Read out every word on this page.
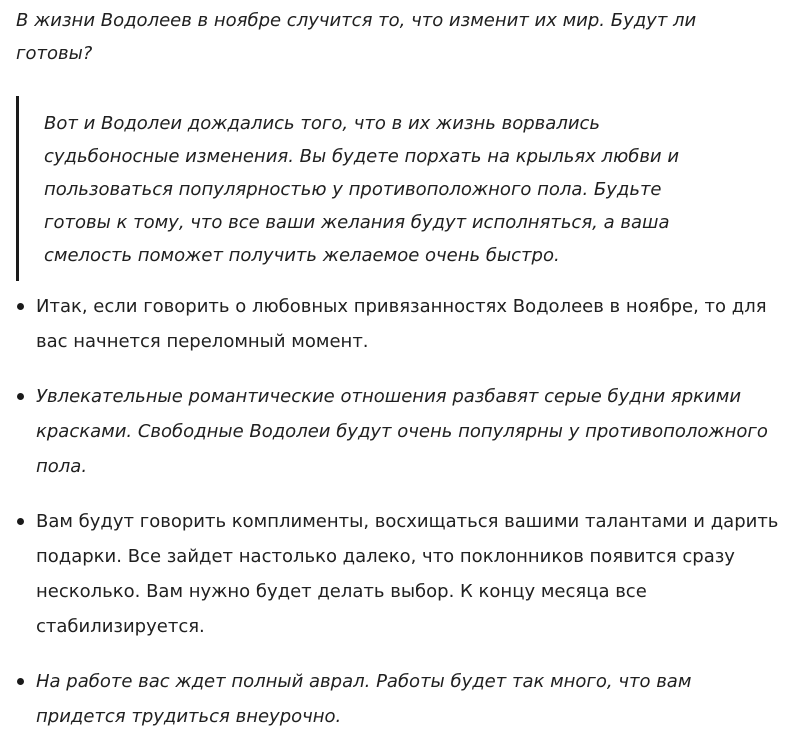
В жизни Водолеев в ноябре случится то, что изменит их мир. Будут ли готовы?

Вот и Водолеи дождались того, что в их жизнь ворвались судьбоносные изменения. Вы будете порхать на крыльях любви и пользоваться популярностью у противоположного пола. Будьте готовы к тому, что все ваши желания будут исполняться, а ваша смелость поможет получить желаемое очень быстро.

Итак, если говорить о любовных привязанностях Водолеев в ноябре, то для вас начнется переломный момент.
Увлекательные романтические отношения разбавят серые будни яркими красками. Свободные Водолеи будут очень популярны у противоположного пола.
Вам будут говорить комплименты, восхищаться вашими талантами и дарить подарки. Все зайдет настолько далеко, что поклонников появится сразу несколько. Вам нужно будет делать выбор. К концу месяца все стабилизируется.
На работе вас ждет полный аврал. Работы будет так много, что вам придется трудиться внеурочно.
